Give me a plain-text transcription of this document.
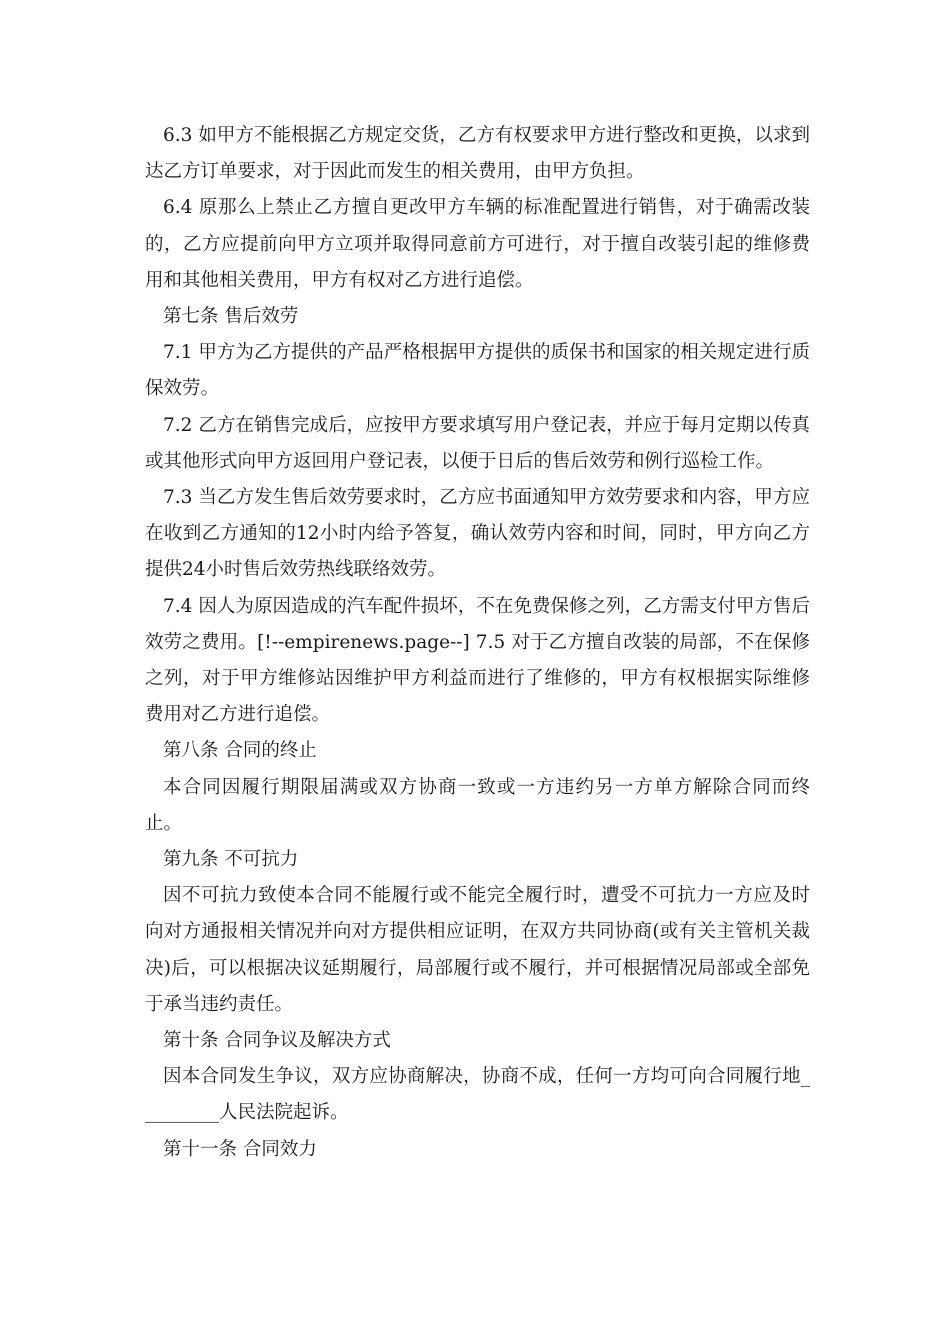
6.3 如甲方不能根据乙方规定交货，乙方有权要求甲方进行整改和更换，以求到达乙方订单要求，对于因此而发生的相关费用，由甲方负担。

6.4 原那么上禁止乙方擅自更改甲方车辆的标准配置进行销售，对于确需改装的，乙方应提前向甲方立项并取得同意前方可进行，对于擅自改装引起的维修费用和其他相关费用，甲方有权对乙方进行追偿。

第七条 售后效劳

7.1 甲方为乙方提供的产品严格根据甲方提供的质保书和国家的相关规定进行质保效劳。

7.2 乙方在销售完成后，应按甲方要求填写用户登记表，并应于每月定期以传真或其他形式向甲方返回用户登记表，以便于日后的售后效劳和例行巡检工作。

7.3 当乙方发生售后效劳要求时，乙方应书面通知甲方效劳要求和内容，甲方应在收到乙方通知的12小时内给予答复，确认效劳内容和时间，同时，甲方向乙方提供24小时售后效劳热线联络效劳。

7.4 因人为原因造成的汽车配件损坏，不在免费保修之列，乙方需支付甲方售后效劳之费用。[!--empirenews.page--] 7.5 对于乙方擅自改装的局部，不在保修之列，对于甲方维修站因维护甲方利益而进行了维修的，甲方有权根据实际维修费用对乙方进行追偿。

第八条 合同的终止

本合同因履行期限届满或双方协商一致或一方违约另一方单方解除合同而终止。

第九条 不可抗力

因不可抗力致使本合同不能履行或不能完全履行时，遭受不可抗力一方应及时向对方通报相关情况并向对方提供相应证明，在双方共同协商(或有关主管机关裁决)后，可以根据决议延期履行，局部履行或不履行，并可根据情况局部或全部免于承当违约责任。

第十条 合同争议及解决方式

因本合同发生争议，双方应协商解决，协商不成，任何一方均可向合同履行地_________人民法院起诉。

第十一条 合同效力
